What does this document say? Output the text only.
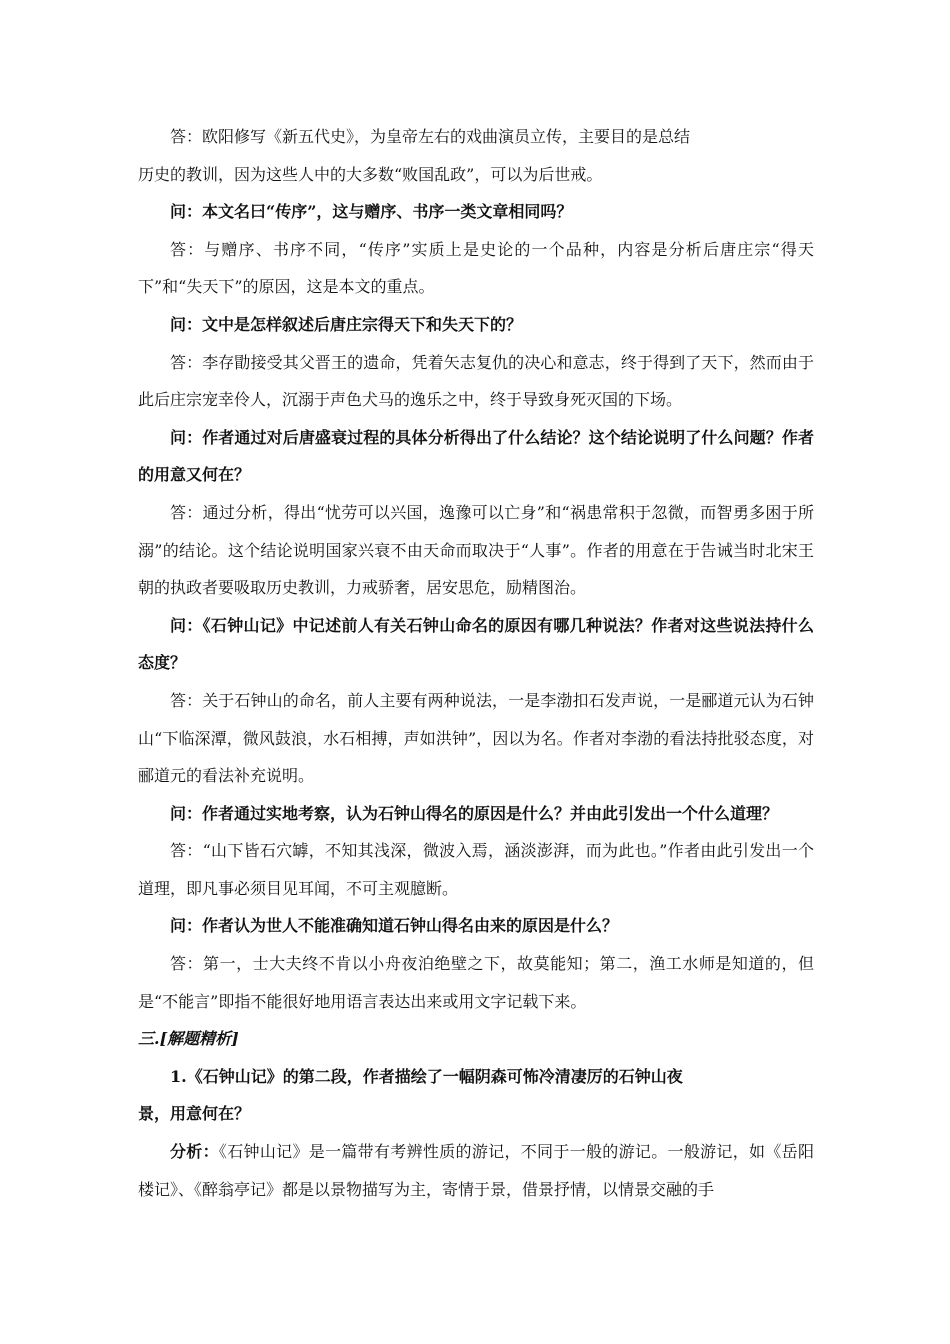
答：欧阳修写《新五代史》，为皇帝左右的戏曲演员立传，主要目的是总结

历史的教训，因为这些人中的大多数“败国乱政”，可以为后世戒。

问：本文名曰“传序”，这与赠序、书序一类文章相同吗？

答：与赠序、书序不同，“传序”实质上是史论的一个品种，内容是分析后唐庄宗“得天下”和“失天下”的原因，这是本文的重点。

问：文中是怎样叙述后唐庄宗得天下和失天下的？

答：李存勖接受其父晋王的遗命，凭着矢志复仇的决心和意志，终于得到了天下，然而由于此后庄宗宠幸伶人，沉溺于声色犬马的逸乐之中，终于导致身死灭国的下场。

问：作者通过对后唐盛衰过程的具体分析得出了什么结论？这个结论说明了什么问题？作者的用意又何在？

答：通过分析，得出“忧劳可以兴国，逸豫可以亡身”和“祸患常积于忽微，而智勇多困于所溺”的结论。这个结论说明国家兴衰不由天命而取决于“人事”。作者的用意在于告诫当时北宋王朝的执政者要吸取历史教训，力戒骄奢，居安思危，励精图治。

问：《石钟山记》中记述前人有关石钟山命名的原因有哪几种说法？作者对这些说法持什么态度？

答：关于石钟山的命名，前人主要有两种说法，一是李渤扣石发声说，一是郦道元认为石钟山“下临深潭，微风鼓浪，水石相搏，声如洪钟”，因以为名。作者对李渤的看法持批驳态度，对郦道元的看法补充说明。

问：作者通过实地考察，认为石钟山得名的原因是什么？并由此引发出一个什么道理？

答：“山下皆石穴罅，不知其浅深，微波入焉，涵淡澎湃，而为此也。”作者由此引发出一个道理，即凡事必须目见耳闻，不可主观臆断。

问：作者认为世人不能准确知道石钟山得名由来的原因是什么？

答：第一，士大夫终不肯以小舟夜泊绝壁之下，故莫能知；第二，渔工水师是知道的，但是“不能言”即指不能很好地用语言表达出来或用文字记载下来。

三.[解题精析]

1.《石钟山记》的第二段，作者描绘了一幅阴森可怖冷清凄厉的石钟山夜

景，用意何在？

分析：《石钟山记》是一篇带有考辨性质的游记，不同于一般的游记。一般游记，如《岳阳楼记》、《醉翁亭记》都是以景物描写为主，寄情于景，借景抒情，以情景交融的手
